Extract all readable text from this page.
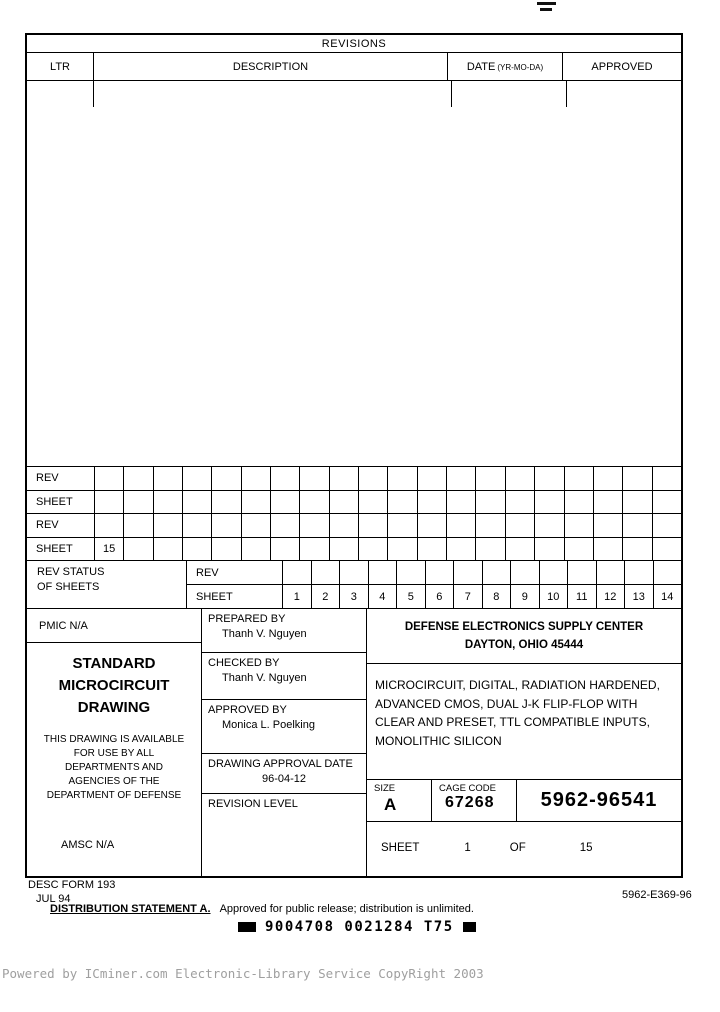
REVISIONS
LTR	DESCRIPTION	DATE (YR-MO-DA)	APPROVED
REV
SHEET
REV
SHEET	15
REV STATUS
OF SHEETS
REV
SHEET	1	2	3	4	5	6	7	8	9	10	11	12	13	14
PMIC N/A
STANDARD
MICROCIRCUIT
DRAWING
THIS DRAWING IS AVAILABLE FOR USE BY ALL DEPARTMENTS AND AGENCIES OF THE DEPARTMENT OF DEFENSE
AMSC N/A
PREPARED BY
Thanh V. Nguyen
CHECKED BY
Thanh V. Nguyen
APPROVED BY
Monica L. Poelking
DRAWING APPROVAL DATE
96-04-12
REVISION LEVEL
DEFENSE ELECTRONICS SUPPLY CENTER
DAYTON, OHIO 45444
MICROCIRCUIT, DIGITAL, RADIATION HARDENED, ADVANCED CMOS, DUAL J-K FLIP-FLOP WITH CLEAR AND PRESET, TTL COMPATIBLE INPUTS, MONOLITHIC SILICON
SIZE
A
CAGE CODE
67268	5962-96541
SHEET	1	OF	15
DESC FORM 193
JUL 94	5962-E369-96
DISTRIBUTION STATEMENT A. Approved for public release; distribution is unlimited.
9004708 0021284 T75
Powered by ICminer.com Electronic-Library Service CopyRight 2003
